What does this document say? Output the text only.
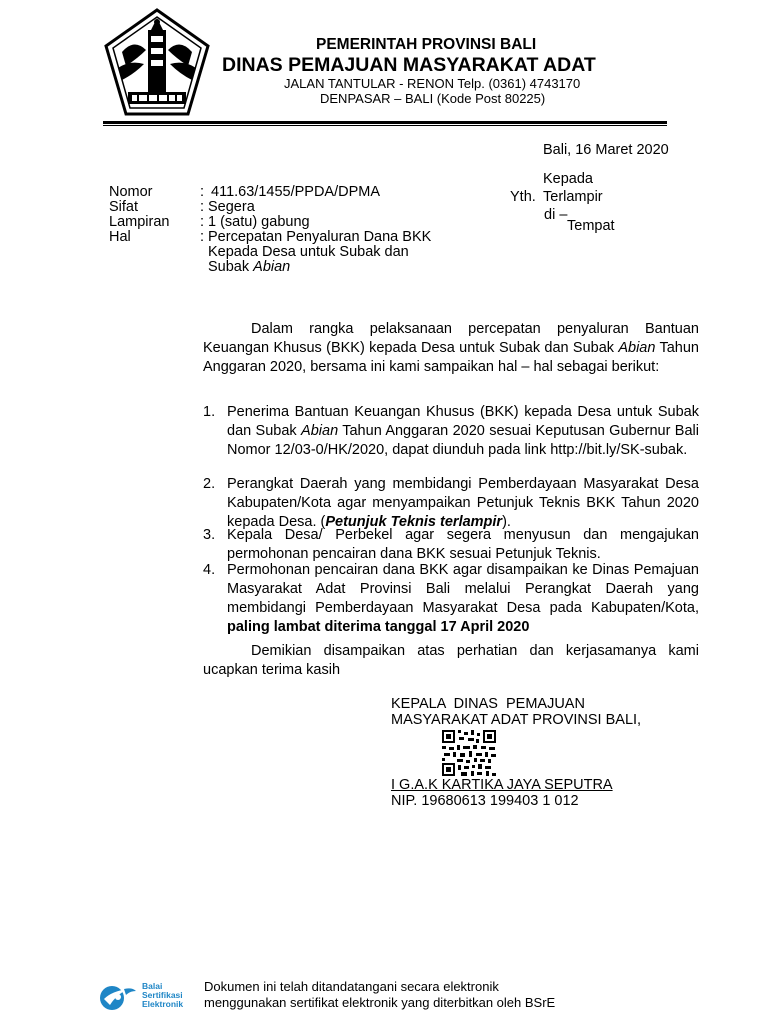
PEMERINTAH PROVINSI BALI
DINAS PEMAJUAN MASYARAKAT ADAT
JALAN TANTULAR - RENON Telp. (0361) 4743170
DENPASAR – BALI (Kode Post 80225)
Bali, 16 Maret 2020
Kepada
Yth. Terlampir
di –
Tempat
Nomor	: 411.63/1455/PPDA/DPMA
Sifat	: Segera
Lampiran : 1 (satu) gabung
Hal	: Percepatan Penyaluran Dana BKK
Kepada Desa untuk Subak dan
Subak Abian
Dalam rangka pelaksanaan percepatan penyaluran Bantuan Keuangan Khusus (BKK) kepada Desa untuk Subak dan Subak Abian Tahun Anggaran 2020, bersama ini kami sampaikan hal – hal sebagai berikut:
1. Penerima Bantuan Keuangan Khusus (BKK) kepada Desa untuk Subak dan Subak Abian Tahun Anggaran 2020 sesuai Keputusan Gubernur Bali Nomor 12/03-0/HK/2020, dapat diunduh pada link http://bit.ly/SK-subak.
2. Perangkat Daerah yang membidangi Pemberdayaan Masyarakat Desa Kabupaten/Kota agar menyampaikan Petunjuk Teknis BKK Tahun 2020 kepada Desa. (Petunjuk Teknis terlampir).
3. Kepala Desa/ Perbekel agar segera menyusun dan mengajukan permohonan pencairan dana BKK sesuai Petunjuk Teknis.
4. Permohonan pencairan dana BKK agar disampaikan ke Dinas Pemajuan Masyarakat Adat Provinsi Bali melalui Perangkat Daerah yang membidangi Pemberdayaan Masyarakat Desa pada Kabupaten/Kota, paling lambat diterima tanggal 17 April 2020
Demikian disampaikan atas perhatian dan kerjasamanya kami ucapkan terima kasih
KEPALA  DINAS  PEMAJUAN
MASYARAKAT ADAT PROVINSI BALI,
I G.A.K KARTIKA JAYA SEPUTRA
NIP. 19680613 199403 1 012
Balai
Sertifikasi
Elektronik
Dokumen ini telah ditandatangani secara elektronik
menggunakan sertifikat elektronik yang diterbitkan oleh BSrE
